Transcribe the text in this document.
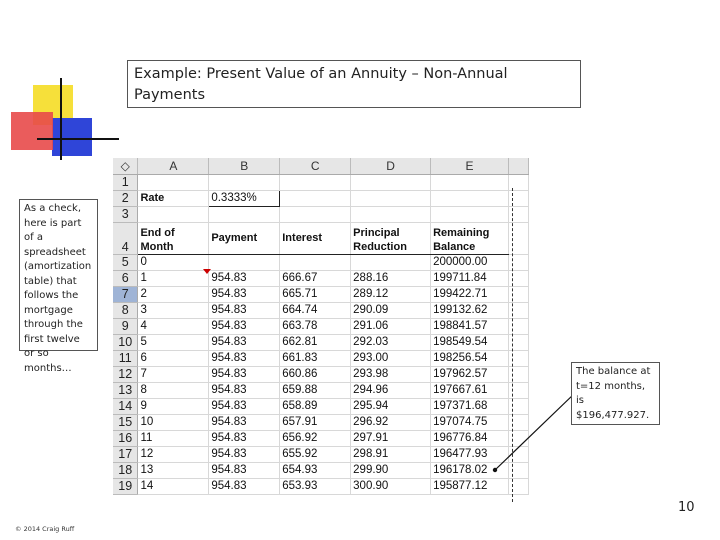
Example: Present Value of an Annuity – Non-Annual Payments
As a check, here is part of a spreadsheet (amortization table) that follows the mortgage through the first twelve or so months…
◇	A	B	C	D	E	
1						
2	Rate	0.3333%				
3						
4	End of Month	Payment	Interest	Principal Reduction	Remaining Balance	
5	0				200000.00	
6	1	954.83	666.67	288.16	199711.84	
7	2	954.83	665.71	289.12	199422.71	
8	3	954.83	664.74	290.09	199132.62	
9	4	954.83	663.78	291.06	198841.57	
10	5	954.83	662.81	292.03	198549.54	
11	6	954.83	661.83	293.00	198256.54	
12	7	954.83	660.86	293.98	197962.57	
13	8	954.83	659.88	294.96	197667.61	
14	9	954.83	658.89	295.94	197371.68	
15	10	954.83	657.91	296.92	197074.75	
16	11	954.83	656.92	297.91	196776.84	
17	12	954.83	655.92	298.91	196477.93	
18	13	954.83	654.93	299.90	196178.02	
19	14	954.83	653.93	300.90	195877.12	
The balance at t=12 months, is $196,477.927.
10
© 2014 Craig Ruff
